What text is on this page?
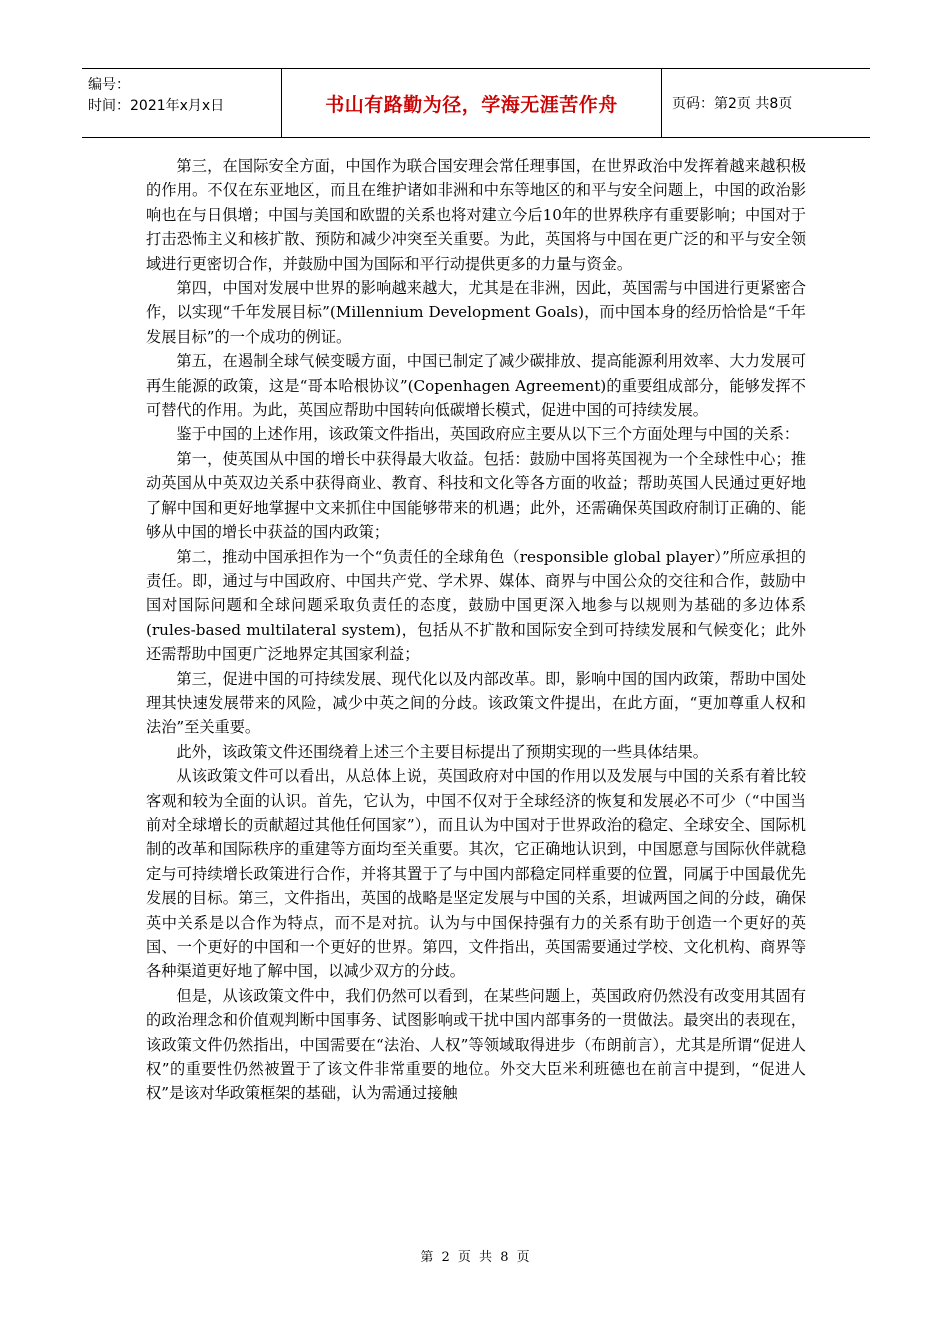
编号：
时间：2021年x月x日	书山有路勤为径，学海无涯苦作舟	页码：第2页 共8页

第三，在国际安全方面，中国作为联合国安理会常任理事国，在世界政治中发挥着越来越积极的作用。不仅在东亚地区，而且在维护诸如非洲和中东等地区的和平与安全问题上，中国的政治影响也在与日俱增；中国与美国和欧盟的关系也将对建立今后10年的世界秩序有重要影响；中国对于打击恐怖主义和核扩散、预防和减少冲突至关重要。为此，英国将与中国在更广泛的和平与安全领域进行更密切合作，并鼓励中国为国际和平行动提供更多的力量与资金。

第四，中国对发展中世界的影响越来越大，尤其是在非洲，因此，英国需与中国进行更紧密合作，以实现“千年发展目标”(Millennium Development Goals)，而中国本身的经历恰恰是“千年发展目标”的一个成功的例证。

第五，在遏制全球气候变暖方面，中国已制定了减少碳排放、提高能源利用效率、大力发展可再生能源的政策，这是“哥本哈根协议”(Copenhagen Agreement)的重要组成部分，能够发挥不可替代的作用。为此，英国应帮助中国转向低碳增长模式，促进中国的可持续发展。

鉴于中国的上述作用，该政策文件指出，英国政府应主要从以下三个方面处理与中国的关系：

第一，使英国从中国的增长中获得最大收益。包括：鼓励中国将英国视为一个全球性中心；推动英国从中英双边关系中获得商业、教育、科技和文化等各方面的收益；帮助英国人民通过更好地了解中国和更好地掌握中文来抓住中国能够带来的机遇；此外，还需确保英国政府制订正确的、能够从中国的增长中获益的国内政策；

第二，推动中国承担作为一个“负责任的全球角色（responsible global player）”所应承担的责任。即，通过与中国政府、中国共产党、学术界、媒体、商界与中国公众的交往和合作，鼓励中国对国际问题和全球问题采取负责任的态度，鼓励中国更深入地参与以规则为基础的多边体系(rules-based multilateral system)，包括从不扩散和国际安全到可持续发展和气候变化；此外还需帮助中国更广泛地界定其国家利益；

第三，促进中国的可持续发展、现代化以及内部改革。即，影响中国的国内政策，帮助中国处理其快速发展带来的风险，减少中英之间的分歧。该政策文件提出，在此方面，“更加尊重人权和法治”至关重要。

此外，该政策文件还围绕着上述三个主要目标提出了预期实现的一些具体结果。

从该政策文件可以看出，从总体上说，英国政府对中国的作用以及发展与中国的关系有着比较客观和较为全面的认识。首先，它认为，中国不仅对于全球经济的恢复和发展必不可少（“中国当前对全球增长的贡献超过其他任何国家”），而且认为中国对于世界政治的稳定、全球安全、国际机制的改革和国际秩序的重建等方面均至关重要。其次，它正确地认识到，中国愿意与国际伙伴就稳定与可持续增长政策进行合作，并将其置于了与中国内部稳定同样重要的位置，同属于中国最优先发展的目标。第三，文件指出，英国的战略是坚定发展与中国的关系，坦诚两国之间的分歧，确保英中关系是以合作为特点，而不是对抗。认为与中国保持强有力的关系有助于创造一个更好的英国、一个更好的中国和一个更好的世界。第四，文件指出，英国需要通过学校、文化机构、商界等各种渠道更好地了解中国，以减少双方的分歧。

但是，从该政策文件中，我们仍然可以看到，在某些问题上，英国政府仍然没有改变用其固有的政治理念和价值观判断中国事务、试图影响或干扰中国内部事务的一贯做法。最突出的表现在，该政策文件仍然指出，中国需要在“法治、人权”等领域取得进步（布朗前言），尤其是所谓“促进人权”的重要性仍然被置于了该文件非常重要的地位。外交大臣米利班德也在前言中提到，“促进人权”是该对华政策框架的基础，认为需通过接触

第 2 页 共 8 页
